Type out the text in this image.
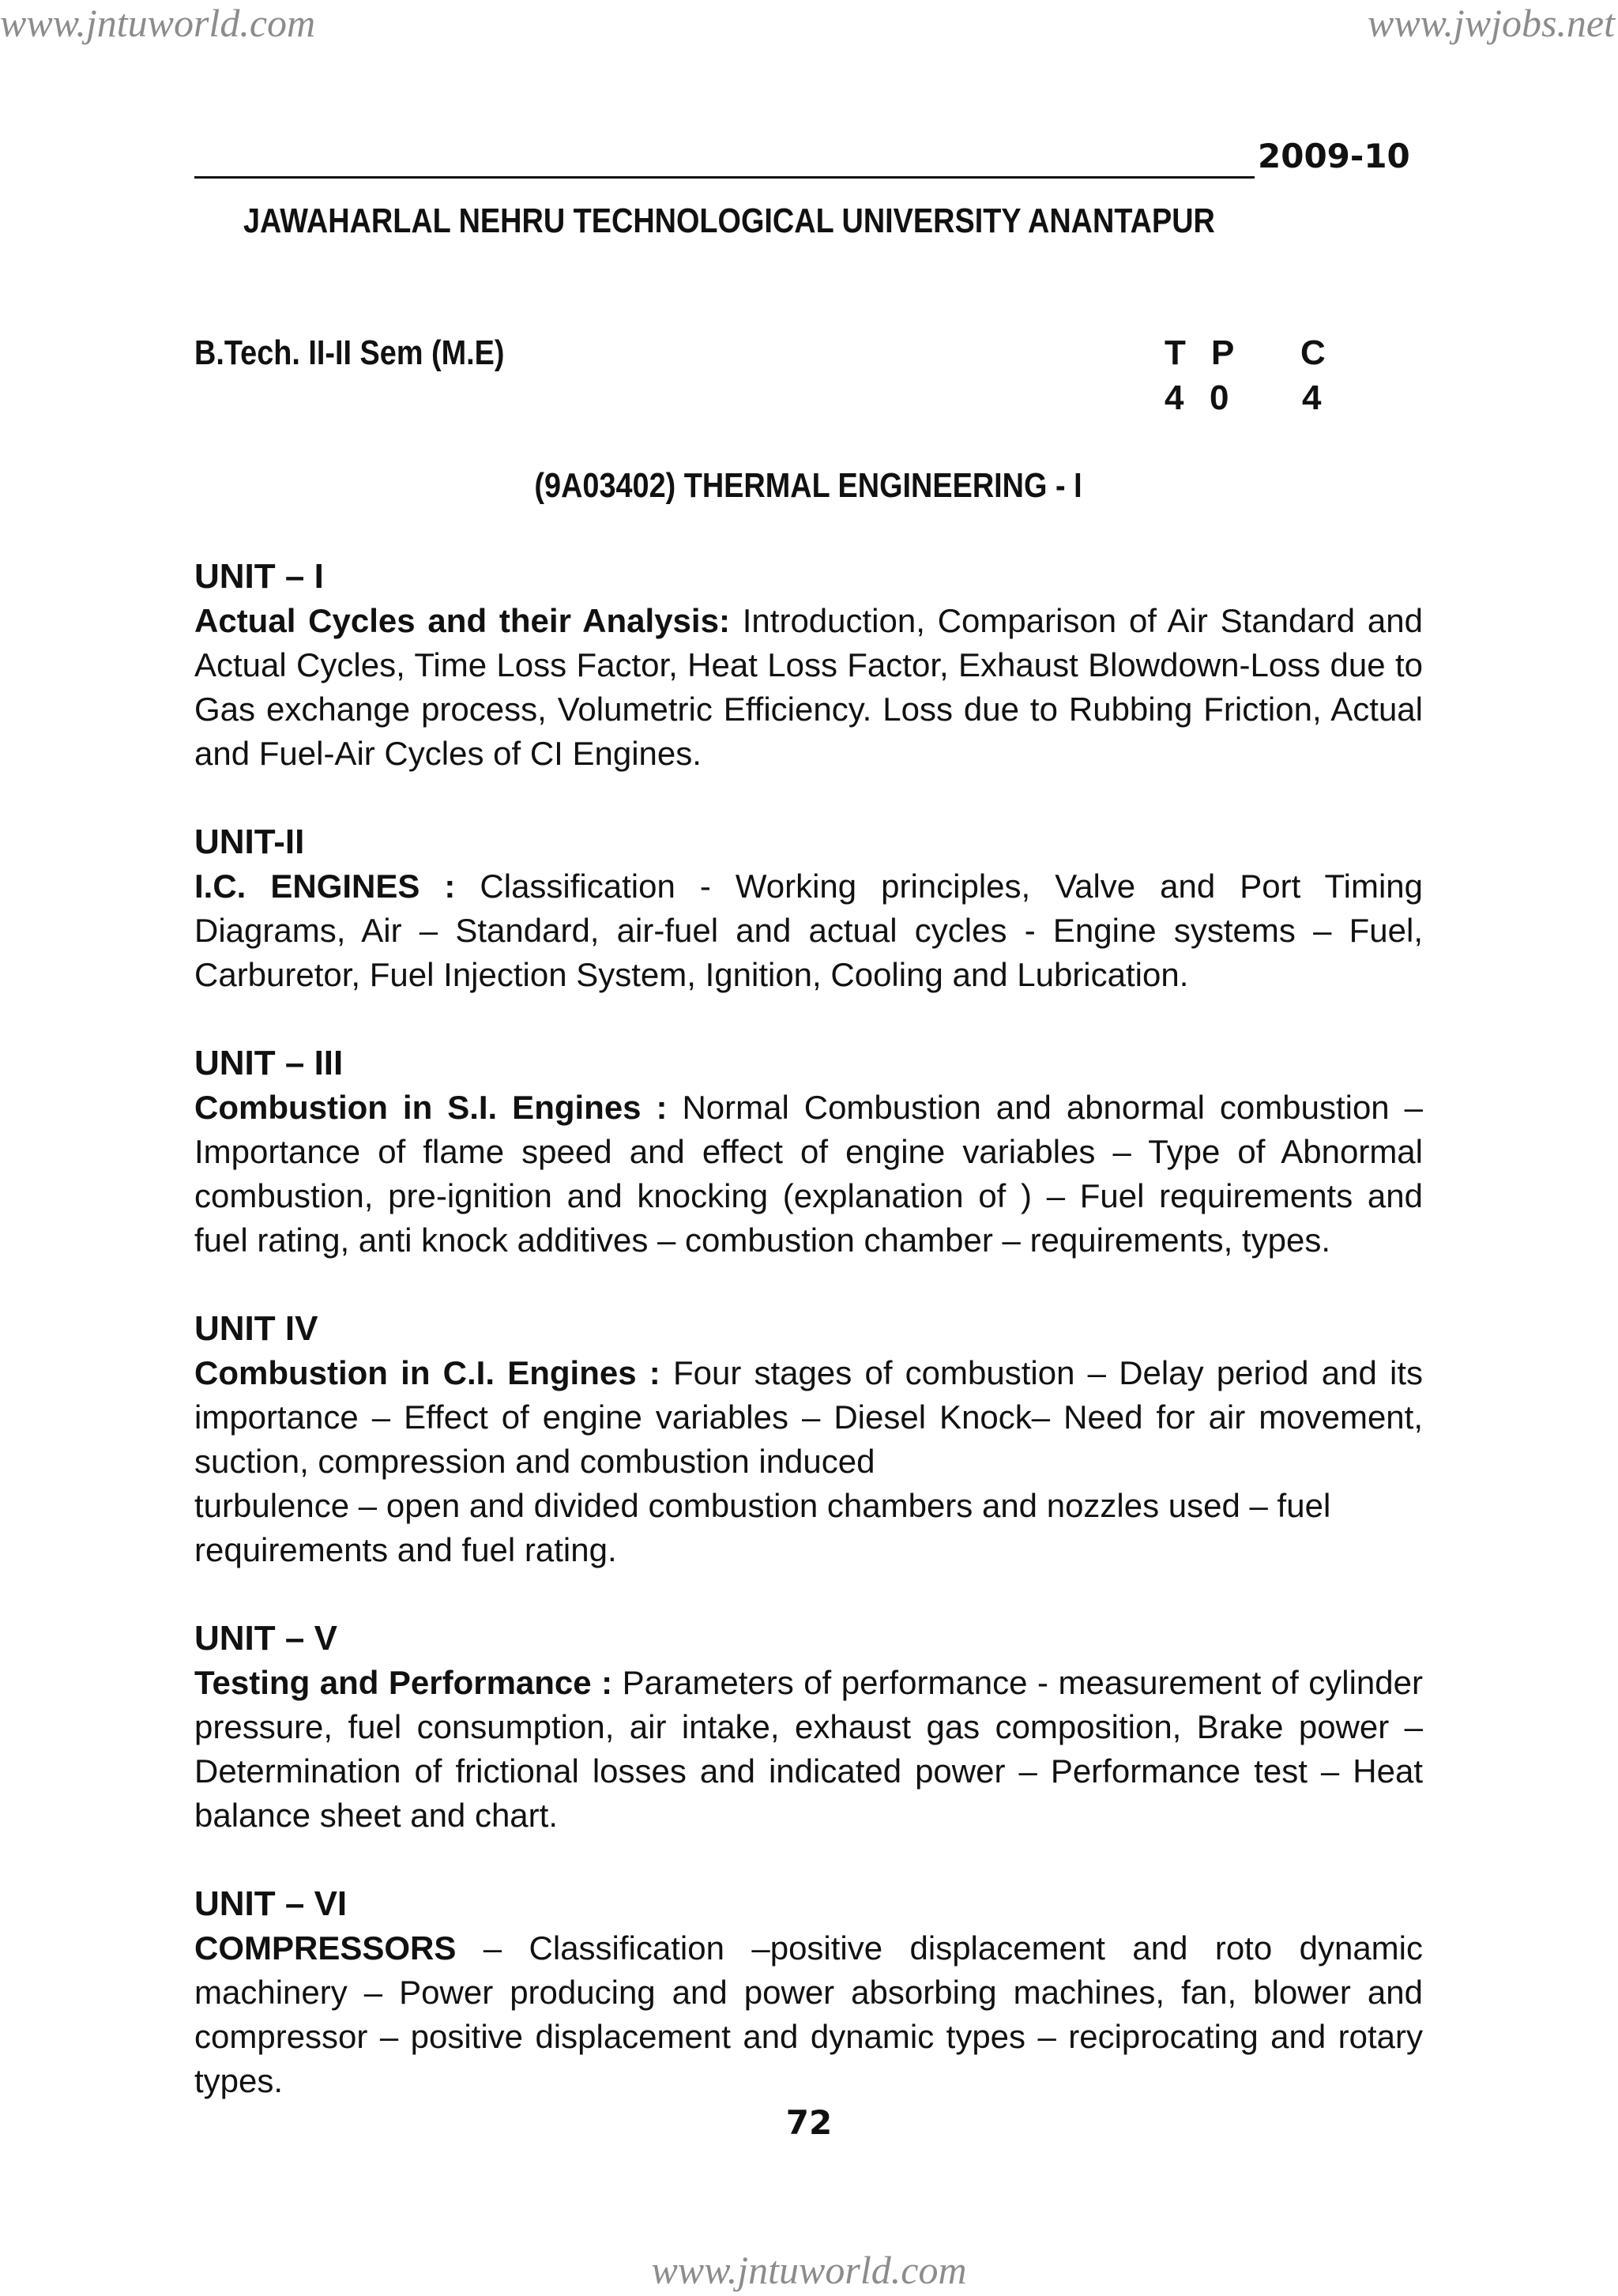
www.jntuworld.com	www.jwjobs.net
2009-10
JAWAHARLAL NEHRU TECHNOLOGICAL UNIVERSITY ANANTAPUR
B.Tech. II-II Sem (M.E)	T P C
4 0 4
(9A03402) THERMAL ENGINEERING - I
UNIT – I

Actual Cycles and their Analysis: Introduction, Comparison of Air Standard and Actual Cycles, Time Loss Factor, Heat Loss Factor, Exhaust Blowdown-Loss due to Gas exchange process, Volumetric Efficiency. Loss due to Rubbing Friction, Actual and Fuel-Air Cycles of CI Engines.

UNIT-II

I.C. ENGINES : Classification - Working principles, Valve and Port Timing Diagrams, Air – Standard, air-fuel and actual cycles - Engine systems – Fuel, Carburetor, Fuel Injection System, Ignition, Cooling and Lubrication.

UNIT – III

Combustion in S.I. Engines : Normal Combustion and abnormal combustion – Importance of flame speed and effect of engine variables – Type of Abnormal combustion, pre-ignition and knocking (explanation of ) – Fuel requirements and fuel rating, anti knock additives – combustion chamber – requirements, types.

UNIT IV

Combustion in C.I. Engines : Four stages of combustion – Delay period and its importance – Effect of engine variables – Diesel Knock– Need for air movement, suction, compression and combustion induced

turbulence – open and divided combustion chambers and nozzles used – fuel requirements and fuel rating.

UNIT – V

Testing and Performance : Parameters of performance - measurement of cylinder pressure, fuel consumption, air intake, exhaust gas composition, Brake power – Determination of frictional losses and indicated power – Performance test – Heat balance sheet and chart.

UNIT – VI

COMPRESSORS – Classification –positive displacement and roto dynamic machinery – Power producing and power absorbing machines, fan, blower and compressor – positive displacement and dynamic types – reciprocating and rotary types.

72
www.jntuworld.com
